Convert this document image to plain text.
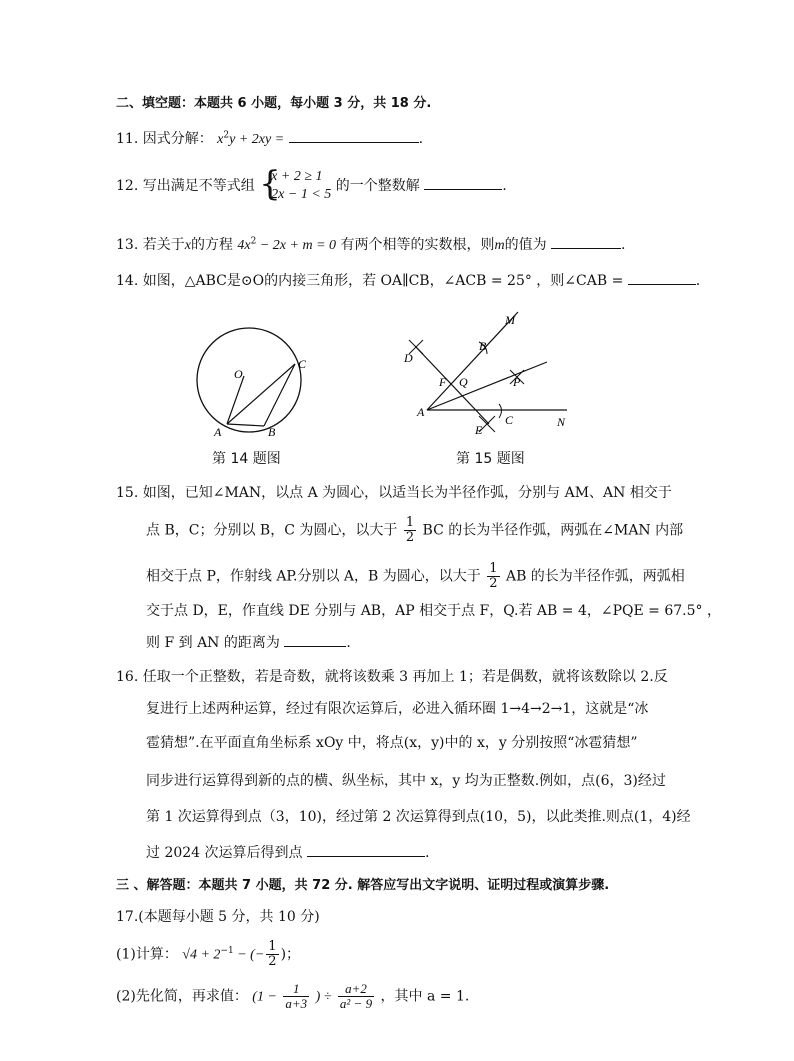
二、填空题：本题共 6 小题，每小题 3 分，共 18 分.
11. 因式分解： $x^2y + 2xy$ =	.
12. 写出满足不等式组 {
x + 2 ≥ 1
2x − 1 < 5
的一个整数解	.
13. 若关于x的方程 $4x^2 - 2x + m = 0$ 有两个相等的实数根，则m的值为	.
14. 如图，△ABC是⊙O的内接三角形，若 OA∥CB，∠ACB = 25° ，则∠CAB =	.
O
A	B
C
第 14 题图
M
B
D
F Q	P
A
C
E
N
第 15 题图
15. 如图，已知∠MAN，以点 A 为圆心，以适当长为半径作弧，分别与 AM、AN 相交于
点 B，C；分别以 B，C 为圆心，以大于 $\frac{1}{2}$ BC 的长为半径作弧，两弧在∠MAN 内部
相交于点 P，作射线 AP.分别以 A，B 为圆心，以大于 $\frac{1}{2}$ AB 的长为半径作弧，两弧相
交于点 D，E，作直线 DE 分别与 AB，AP 相交于点 F，Q.若 AB = 4，∠PQE = 67.5° ，
则 F 到 AN 的距离为	.
16. 任取一个正整数，若是奇数，就将该数乘 3 再加上 1；若是偶数，就将该数除以 2.反
复进行上述两种运算，经过有限次运算后，必进入循环圈 1→4→2→1，这就是“冰
雹猜想”.在平面直角坐标系 xOy 中，将点(x，y)中的 x，y 分别按照“冰雹猜想”
同步进行运算得到新的点的横、纵坐标，其中 x，y 均为正整数.例如，点(6，3)经过
第 1 次运算得到点（3，10)，经过第 2 次运算得到点(10，5)，以此类推.则点(1，4)经
过 2024 次运算后得到点	.
三 、解答题：本题共 7 小题，共 72 分. 解答应写出文字说明、证明过程或演算步骤.
17.(本题每小题 5 分，共 10 分)
(1)计算： $√4 + 2^{-1}$ − (− $\frac{1}{2}$ )；
(2)先化简，再求值： ($1 - \frac{1}{a+3}$ ) ÷ $\frac{a+2}{\text{a² − 9}}$ ，其中 a = 1.
